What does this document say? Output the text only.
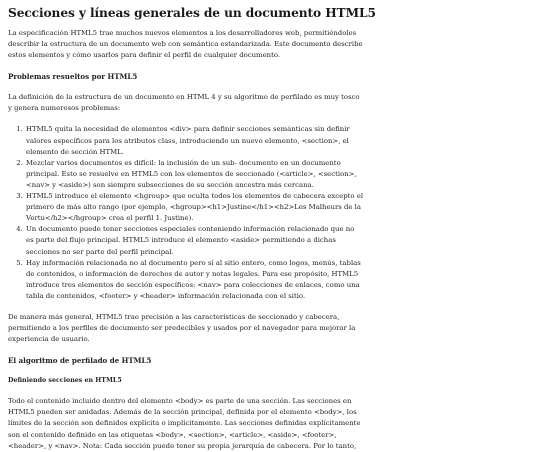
Secciones y líneas generales de un documento HTML5

La especificación HTML5 trae muchos nuevos elementos a los desarrolladores web, permitiéndoles
describir la estructura de un documento web con semántica estandarizada. Este documento describe
estos elementos y cómo usarlos para definir el perfil de cualquier documento.

Problemas resueltos por HTML5

La definición de la estructura de un documento en HTML 4 y su algoritmo de perfilado es muy tosco
y genera numerosos problemas:

1. HTML5 quita la necesidad de elementos <div> para definir secciones semánticas sin definir
valores específicos para los atributos class, introduciendo un nuevo elemento, <section>, el
elemento de sección HTML.
2. Mezclar varios documentos es difícil: la inclusión de un sub- documento en un documento
principal. Esto se resuelve en HTML5 con los elementos de seccionado (<article>, <section>,
<nav> y <aside>) son siempre subsecciones de su sección ancestra más cercana.
3. HTML5 introduce el elemento <hgroup> que oculta todos los elementos de cabecera excepto el
primero de más alto rango (por ejemplo, <hgroup><h1>Justine</h1><h2>Les Malheurs de la
Vertu</h2></hgroup> crea el perfil 1. Justine).
4. Un documento puede tener secciones especiales conteniendo información relacionado que no
es parte del flujo principal. HTML5 introduce el elemento <aside> permitiendo a dichas
secciones no ser parte del perfil principal.
5. Hay información relacionada no al documento pero sí al sitio entero, como logos, menús, tablas
de contenidos, o información de derechos de autor y notas legales. Para ese propósito, HTML5
introduce tres elementos de sección específicos: <nav> para colecciones de enlaces, como una
tabla de contenidos, <footer> y <header> información relacionada con el sitio.

De manera más general, HTML5 trae precisión a las características de seccionado y cabecera,
permitiendo a los perfiles de documento ser predecibles y usados por el navegador para mejorar la
experiencia de usuario.

El algoritmo de perfilado de HTML5
Definiendo secciones en HTML5

Todo el contenido incluido dentro del elemento <body> es parte de una sección. Las secciones en
HTML5 pueden ser anidadas. Además de la sección principal, definida por el elemento <body>, los
límites de la sección son definidos explícita o implícitamente. Las secciones definidas explícitamente
son el contenido definido en las etiquetas <body>, <section>, <article>, <aside>, <footer>,
<header>, y <nav>. Nota: Cada sección puede tener su propia jerarquía de cabecera. Por lo tanto,
